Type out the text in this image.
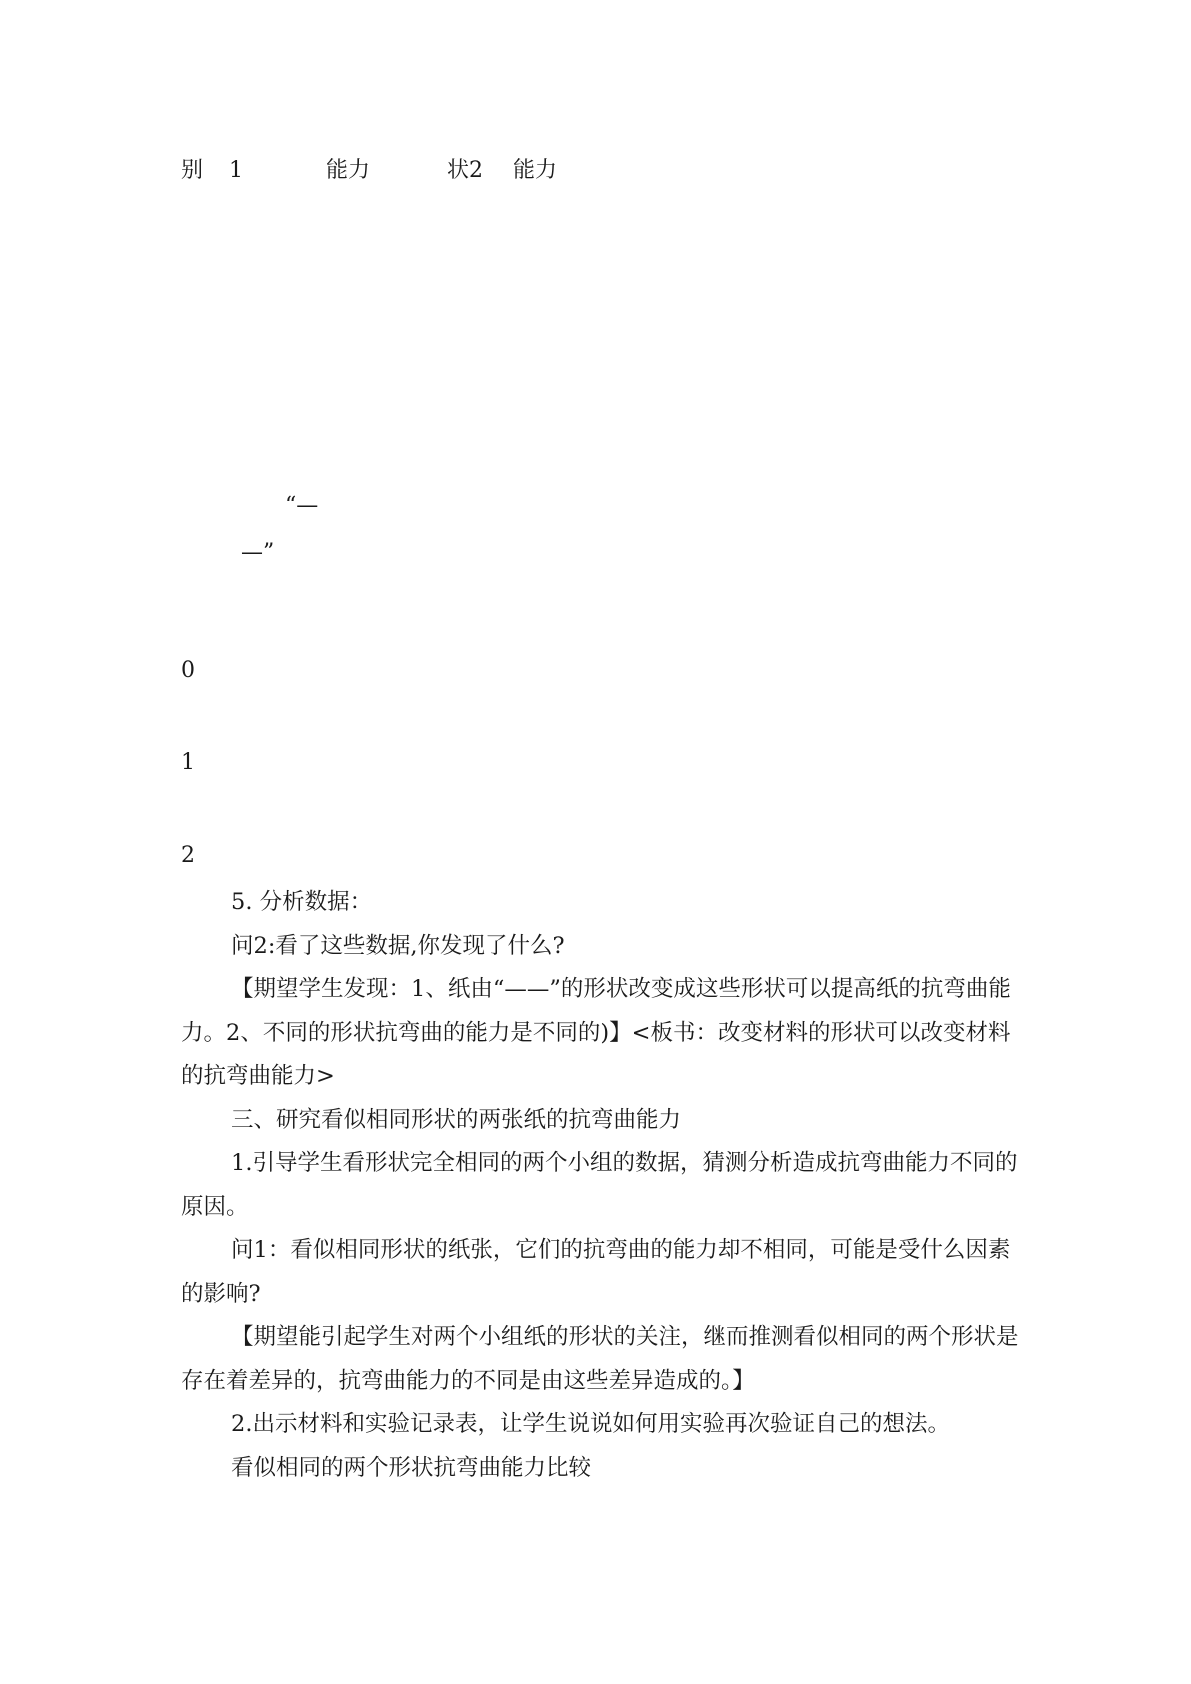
别 1	能力	状2 能力
“—
—”
0
1
2

5. 分析数据：

问2:看了这些数据,你发现了什么?

【期望学生发现：1、纸由“——”的形状改变成这些形状可以提高纸的抗弯曲能力。2、不同的形状抗弯曲的能力是不同的)】<板书：改变材料的形状可以改变材料的抗弯曲能力>

三、研究看似相同形状的两张纸的抗弯曲能力

1.引导学生看形状完全相同的两个小组的数据，猜测分析造成抗弯曲能力不同的原因。

问1：看似相同形状的纸张，它们的抗弯曲的能力却不相同，可能是受什么因素的影响?

【期望能引起学生对两个小组纸的形状的关注，继而推测看似相同的两个形状是存在着差异的，抗弯曲能力的不同是由这些差异造成的。】

2.出示材料和实验记录表，让学生说说如何用实验再次验证自己的想法。

看似相同的两个形状抗弯曲能力比较
